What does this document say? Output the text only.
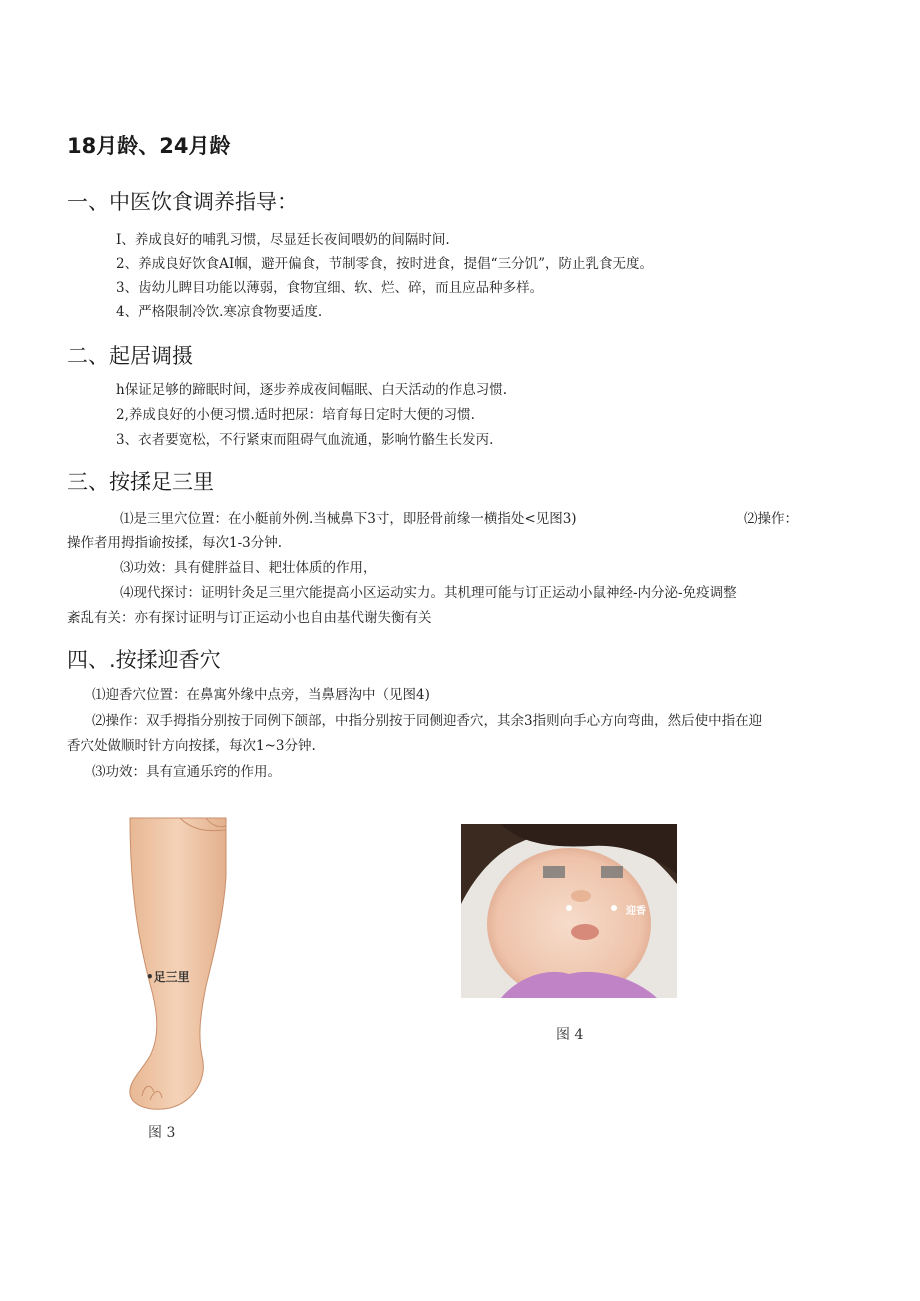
18月龄、24月龄
一、中医饮食调养指导：
I、养成良好的哺乳习惯，尽显廷长夜间喂奶的间隔时间.
2、养成良好饮食AI帼，避开偏食，节制零食，按时进食，提倡“三分饥”，防止乳食无度。
3、齿幼儿睥目功能以薄弱，食物宜细、软、烂、碎，而且应品种多样。
4、严格限制冷饮.寒凉食物要适度.
二、起居调摄
h保证足够的蹄眠时间，逐步养成夜间幅眠、白天活动的作息习惯.
2,养成良好的小便习惯.适时把尿：培育每日定时大便的习惯.
3、衣者要宽松，不行紧束而阻碍气血流通，影响竹骼生长发丙.
三、按揉足三里
⑴是三里穴位置：在小艇前外例.当械鼻下3寸，即胫骨前缘一横指处<见图3)	⑵操作：
操作者用拇指谕按揉，每次1-3分钟.
⑶功效：具有健胖益目、耙壮体质的作用，
⑷现代探讨：证明针灸足三里穴能提高小区运动实力。其机理可能与订正运动小鼠神经-内分泌-免疫调整
紊乱有关：亦有探讨证明与订正运动小也自由基代谢失衡有关
四、.按揉迎香穴
⑴迎香穴位置：在鼻寓外缘中点旁，当鼻唇沟中（见图4)
⑵操作：双手拇指分别按于同例下颌部，中指分别按于同侧迎香穴，其余3指则向手心方向弯曲，然后使中指在迎
香穴处做顺时针方向按揉，每次1~3分钟.
⑶功效：具有宣通乐窍的作用。
•足三里
图 3
迎香
图 4
